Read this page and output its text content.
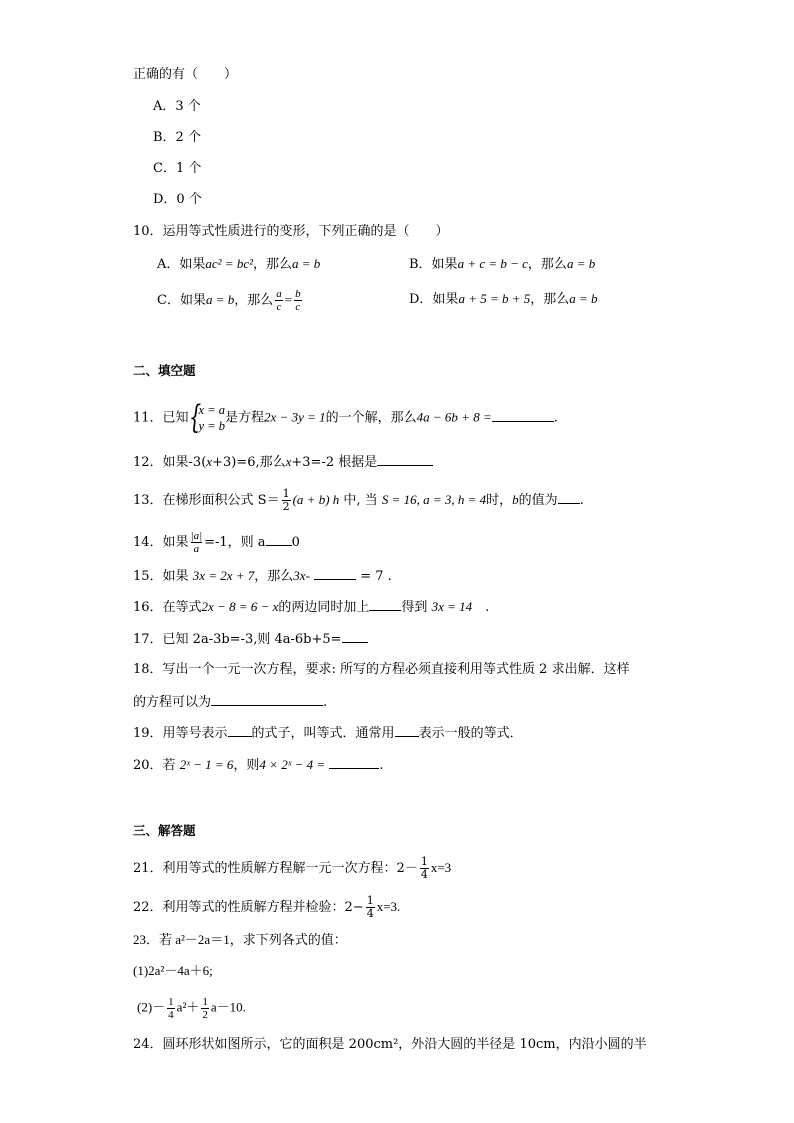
正确的有（　　）
A．3 个
B．2 个
C．1 个
D．0 个
10．运用等式性质进行的变形，下列正确的是（　　）
A．如果ac² = bc²，那么a = b	B．如果a + c = b − c，那么a = b
C．如果a = b，那么 $\frac{a}{c} = \frac{b}{c}$	D．如果a + 5 = b + 5，那么a = b
二、填空题
11．已知 {
x = a
y = b
是方程2x − 3y = 1的一个解，那么4a − 6b + 8 =	.
12．如果-3(x+3)=6,那么x+3=-2 根据是
13．在梯形面积公式 $S= \frac{1}{2} (a + b)$ h 中, 当 S = 16, a = 3, h = 4时，b的值为 .
14．如果 $\frac{|a|}{a} =-1$，则 a 0
15．如果 3x = 2x + 7，那么3x-	= 7 .
16．在等式2x − 8 = 6 − x的两边同时加上 得到 3x = 14　 .
17．已知 2a-3b=-3,则 4a-6b+5=
18．写出一个一元一次方程，要求: 所写的方程必须直接利用等式性质 2 求出解．这样
的方程可以为	.
19．用等号表示 的式子，叫等式．通常用 表示一般的等式．
20．若 2ˣ − 1 = 6，则4 × 2ˣ − 4 =	.
三、解答题
21．利用等式的性质解方程解一元一次方程：$2- \frac{1}{4} x=3$
22．利用等式的性质解方程并检验：$2- \frac{1}{4} x=3$.
23．若 a²－2a＝1，求下列各式的值：
(1)2a²－4a＋6;
$(2)- \frac{1}{4} a^2+ \frac{1}{2} a-10$.
24．圆环形状如图所示，它的面积是 200cm²，外沿大圆的半径是 10cm，内沿小圆的半
